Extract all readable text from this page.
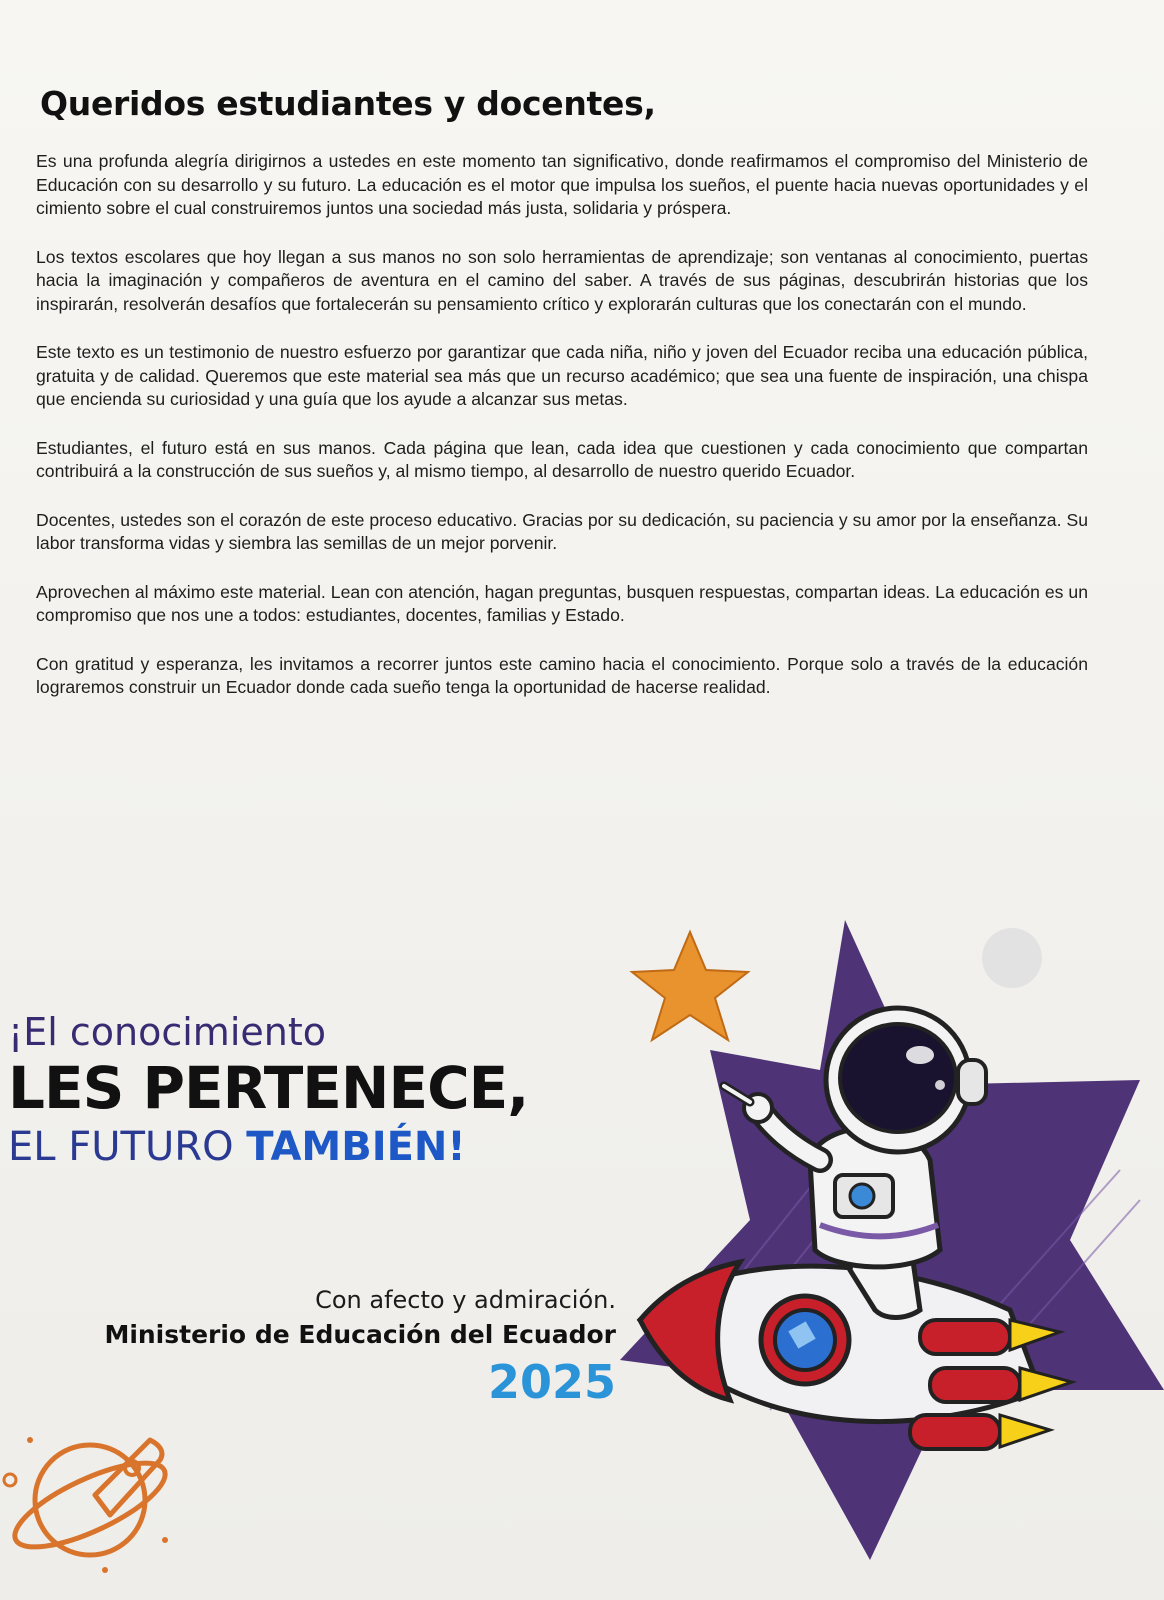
Queridos estudiantes y docentes,

Es una profunda alegría dirigirnos a ustedes en este momento tan significativo, donde reafirmamos el compromiso del Ministerio de Educación con su desarrollo y su futuro. La educación es el motor que impulsa los sueños, el puente hacia nuevas oportunidades y el cimiento sobre el cual construiremos juntos una sociedad más justa, solidaria y próspera.

Los textos escolares que hoy llegan a sus manos no son solo herramientas de aprendizaje; son ventanas al conocimiento, puertas hacia la imaginación y compañeros de aventura en el camino del saber. A través de sus páginas, descubrirán historias que los inspirarán, resolverán desafíos que fortalecerán su pensamiento crítico y explorarán culturas que los conectarán con el mundo.

Este texto es un testimonio de nuestro esfuerzo por garantizar que cada niña, niño y joven del Ecuador reciba una educación pública, gratuita y de calidad. Queremos que este material sea más que un recurso académico; que sea una fuente de inspiración, una chispa que encienda su curiosidad y una guía que los ayude a alcanzar sus metas.

Estudiantes, el futuro está en sus manos. Cada página que lean, cada idea que cuestionen y cada conocimiento que compartan contribuirá a la construcción de sus sueños y, al mismo tiempo, al desarrollo de nuestro querido Ecuador.

Docentes, ustedes son el corazón de este proceso educativo. Gracias por su dedicación, su paciencia y su amor por la enseñanza. Su labor transforma vidas y siembra las semillas de un mejor porvenir.

Aprovechen al máximo este material. Lean con atención, hagan preguntas, busquen respuestas, compartan ideas. La educación es un compromiso que nos une a todos: estudiantes, docentes, familias y Estado.

Con gratitud y esperanza, les invitamos a recorrer juntos este camino hacia el conocimiento. Porque solo a través de la educación lograremos construir un Ecuador donde cada sueño tenga la oportunidad de hacerse realidad.

¡El conocimiento
LES PERTENECE,
EL FUTURO TAMBIÉN!
Con afecto y admiración.
Ministerio de Educación del Ecuador
2025
